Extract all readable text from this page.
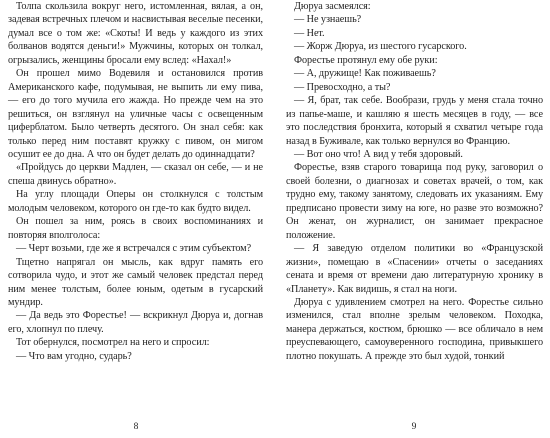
Толпа скользила вокруг него, истомленная, вялая, а он, задевая встречных плечом и насвистывая веселые песенки, думал все о том же: «Скоты! И ведь у каждого из этих болванов водятся деньги!» Мужчины, которых он толкал, огрызались, женщины бросали ему вслед: «Нахал!»

Он прошел мимо Водевиля и остановился против Американского кафе, подумывая, не выпить ли ему пива, — его до того мучила его жажда. Но прежде чем на это решиться, он взглянул на уличные часы с освещенным циферблатом. Было четверть десятого. Он знал себя: как только перед ним поставят кружку с пивом, он мигом осушит ее до дна. А что он будет делать до одиннадцати?

«Пройдусь до церкви Мадлен, — сказал он себе, — и не спеша двинусь обратно».

На углу площади Оперы он столкнулся с толстым молодым человеком, которого он где-то как будто видел.

Он пошел за ним, роясь в своих воспоминаниях и повторяя вполголоса:

— Черт возьми, где же я встречался с этим субъектом?

Тщетно напрягал он мысль, как вдруг память его сотворила чудо, и этот же самый человек предстал перед ним менее толстым, более юным, одетым в гусарский мундир.

— Да ведь это Форестье! — вскрикнул Дюруа и, догнав его, хлопнул по плечу.

Тот обернулся, посмотрел на него и спросил:

— Что вам угодно, сударь?

8

Дюруа засмеялся:

— Не узнаешь?

— Нет.

— Жорж Дюруа, из шестого гусарского.

Форестье протянул ему обе руки:

— А, дружище! Как поживаешь?

— Превосходно, а ты?

— Я, брат, так себе. Вообрази, грудь у меня стала точно из папье-маше, и кашляю я шесть месяцев в году, — все это последствия бронхита, который я схватил четыре года назад в Буживале, как только вернулся во Францию.

— Вот оно что! А вид у тебя здоровый.

Форестье, взяв старого товарища под руку, заговорил о своей болезни, о диагнозах и советах врачей, о том, как трудно ему, такому занятому, следовать их указаниям. Ему предписано провести зиму на юге, но разве это возможно? Он женат, он журналист, он занимает прекрасное положение.

— Я заведую отделом политики во «Французской жизни», помещаю в «Спасении» отчеты о заседаниях сената и время от времени даю литературную хронику в «Планету». Как видишь, я стал на ноги.

Дюруа с удивлением смотрел на него. Форестье сильно изменился, стал вполне зрелым человеком. Походка, манера держаться, костюм, брюшко — все обличало в нем преуспевающего, самоуверенного господина, привыкшего плотно покушать. А прежде это был худой, тонкий

9
